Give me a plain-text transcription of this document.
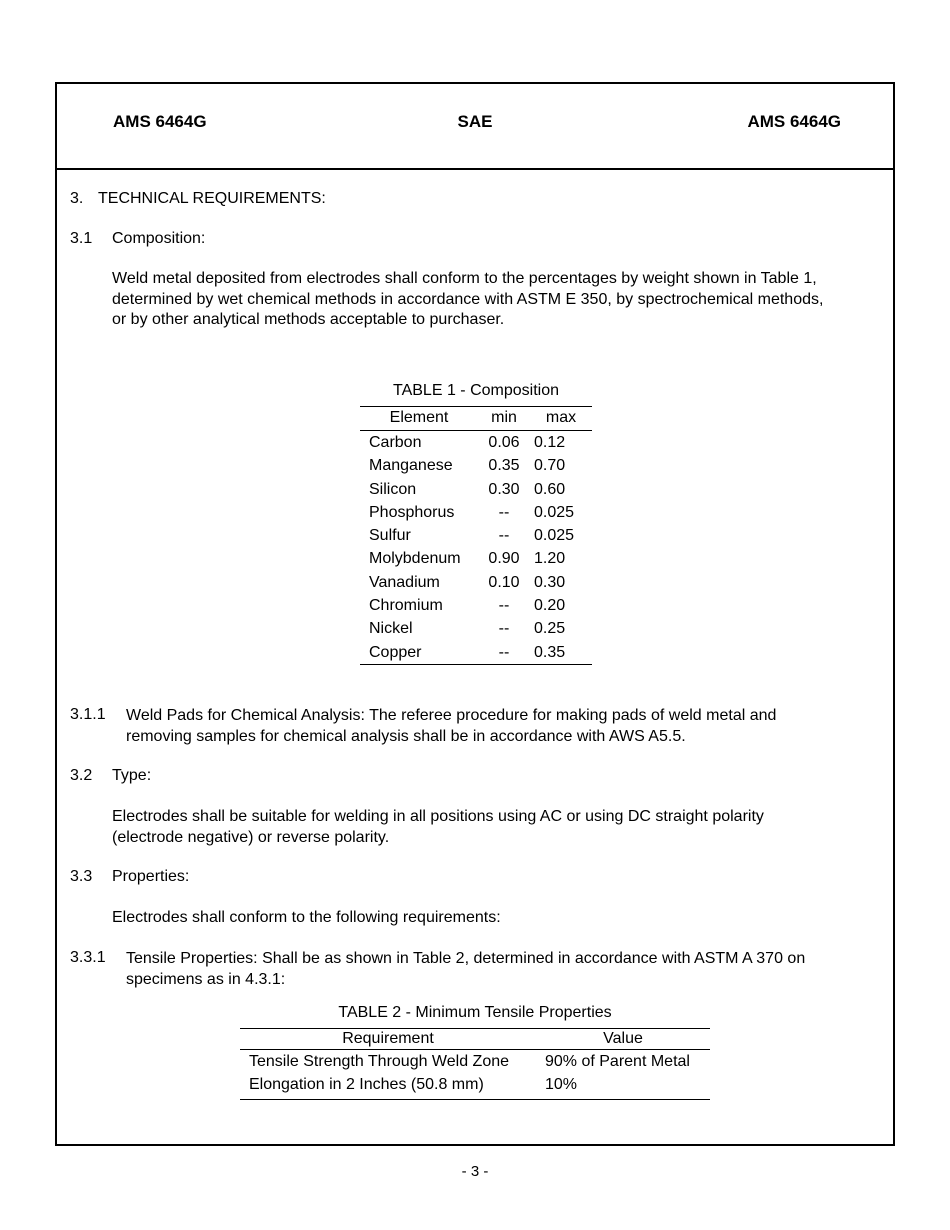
AMS 6464G	SAE	AMS 6464G
3. TECHNICAL REQUIREMENTS:
3.1 Composition:
Weld metal deposited from electrodes shall conform to the percentages by weight shown in Table 1,
determined by wet chemical methods in accordance with ASTM E 350, by spectrochemical methods,
or by other analytical methods acceptable to purchaser.
TABLE 1 - Composition
Element	min	max
Carbon	0.06	0.12
Manganese	0.35	0.70
Silicon	0.30	0.60
Phosphorus	--	0.025
Sulfur	--	0.025
Molybdenum	0.90	1.20
Vanadium	0.10	0.30
Chromium	--	0.20
Nickel	--	0.25
Copper	--	0.35
3.1.1 Weld Pads for Chemical Analysis: The referee procedure for making pads of weld metal and
removing samples for chemical analysis shall be in accordance with AWS A5.5.
3.2 Type:
Electrodes shall be suitable for welding in all positions using AC or using DC straight polarity
(electrode negative) or reverse polarity.
3.3 Properties:
Electrodes shall conform to the following requirements:
3.3.1 Tensile Properties: Shall be as shown in Table 2, determined in accordance with ASTM A 370 on
specimens as in 4.3.1:
TABLE 2 - Minimum Tensile Properties
Requirement	Value
Tensile Strength Through Weld Zone	90% of Parent Metal
Elongation in 2 Inches (50.8 mm)	10%
- 3 -
